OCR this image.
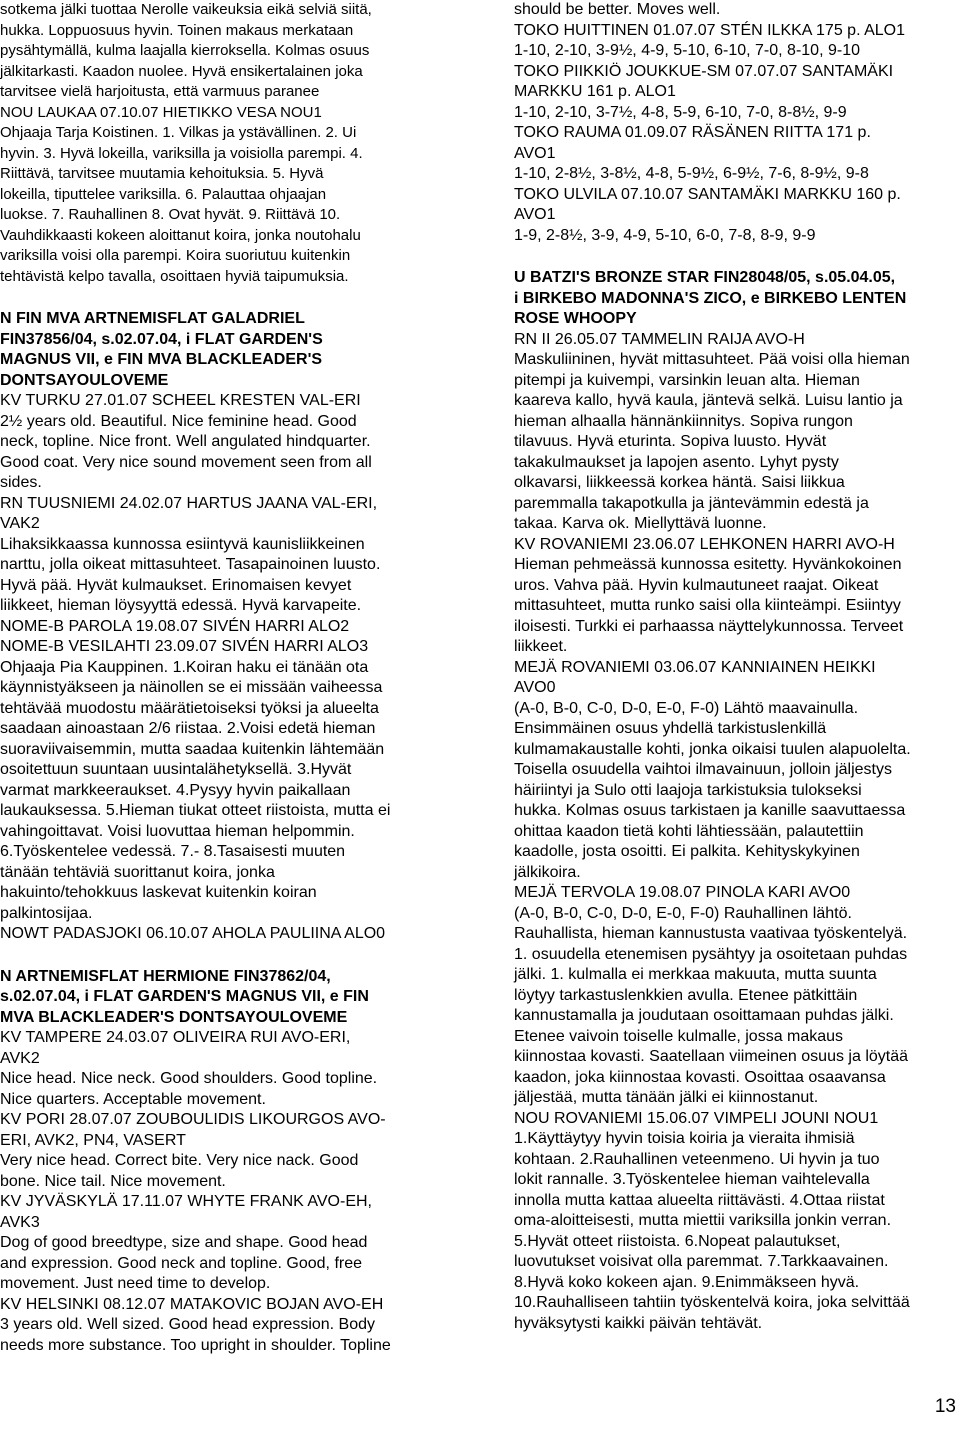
sotkema jälki tuottaa Nerolle vaikeuksia eikä selviä siitä,
hukka. Loppuosuus hyvin. Toinen makaus merkataan
pysähtymällä, kulma laajalla kierroksella. Kolmas osuus
jälkitarkasti. Kaadon nuolee. Hyvä ensikertalainen joka
tarvitsee vielä harjoitusta, että varmuus paranee

NOU LAUKAA 07.10.07 HIETIKKO VESA NOU1
Ohjaaja Tarja Koistinen. 1. Vilkas ja ystävällinen. 2. Ui
hyvin. 3. Hyvä lokeilla, variksilla ja voisiolla parempi. 4.
Riittävä, tarvitsee muutamia kehoituksia. 5. Hyvä
lokeilla, tiputtelee variksilla. 6. Palauttaa ohjaajan
luokse. 7. Rauhallinen 8. Ovat hyvät. 9. Riittävä 10.
Vauhdikkaasti kokeen aloittanut koira, jonka noutohalu
variksilla voisi olla parempi. Koira suoriutuu kuitenkin
tehtävistä kelpo tavalla, osoittaen hyviä taipumuksia.

N FIN MVA ARTNEMISFLAT GALADRIEL
FIN37856/04, s.02.07.04, i FLAT GARDEN'S
MAGNUS VII, e FIN MVA BLACKLEADER'S
DONTSAYOULOVEME

KV TURKU 27.01.07 SCHEEL KRESTEN VAL-ERI
2½ years old. Beautiful. Nice feminine head. Good
neck, topline. Nice front. Well angulated hindquarter.
Good coat. Very nice sound movement seen from all
sides.
RN TUUSNIEMI 24.02.07 HARTUS JAANA VAL-ERI,
VAK2
Lihaksikkaassa kunnossa esiintyvä kaunisliikkeinen
narttu, jolla oikeat mittasuhteet. Tasapainoinen luusto.
Hyvä pää. Hyvät kulmaukset. Erinomaisen kevyet
liikkeet, hieman löysyyttä edessä. Hyvä karvapeite.
NOME-B PAROLA 19.08.07 SIVÉN HARRI ALO2
NOME-B VESILAHTI 23.09.07 SIVÉN HARRI ALO3
Ohjaaja Pia Kauppinen. 1.Koiran haku ei tänään ota
käynnistyäkseen ja näinollen se ei missään vaiheessa
tehtävää muodostu määrätietoiseksi työksi ja alueelta
saadaan ainoastaan 2/6 riistaa. 2.Voisi edetä hieman
suoraviivaisemmin, mutta saadaa kuitenkin lähtemään
osoitettuun suuntaan uusintalähetyksellä. 3.Hyvät
varmat markkeeraukset. 4.Pysyy hyvin paikallaan
laukauksessa. 5.Hieman tiukat otteet riistoista, mutta ei
vahingoittavat. Voisi luovuttaa hieman helpommin.
6.Työskentelee vedessä. 7.- 8.Tasaisesti muuten
tänään tehtäviä suorittanut koira, jonka
hakuinto/tehokkuus laskevat kuitenkin koiran
palkintosijaa.
NOWT PADASJOKI 06.10.07 AHOLA PAULIINA ALO0

N ARTNEMISFLAT HERMIONE FIN37862/04,
s.02.07.04, i FLAT GARDEN'S MAGNUS VII, e FIN
MVA BLACKLEADER'S DONTSAYOULOVEME

KV TAMPERE 24.03.07 OLIVEIRA RUI AVO-ERI,
AVK2
Nice head. Nice neck. Good shoulders. Good topline.
Nice quarters. Acceptable movement.
KV PORI 28.07.07 ZOUBOULIDIS LIKOURGOS AVO-
ERI, AVK2, PN4, VASERT
Very nice head. Correct bite. Very nice nack. Good
bone. Nice tail. Nice movement.
KV JYVÄSKYLÄ 17.11.07 WHYTE FRANK AVO-EH,
AVK3
Dog of good breedtype, size and shape. Good head
and expression. Good neck and topline. Good, free
movement. Just need time to develop.
KV HELSINKI 08.12.07 MATAKOVIC BOJAN AVO-EH
3 years old. Well sized. Good head expression. Body
needs more substance. Too upright in shoulder. Topline

should be better. Moves well.
TOKO HUITTINEN 01.07.07 STÉN ILKKA 175 p. ALO1
1-10, 2-10, 3-9½, 4-9, 5-10, 6-10, 7-0, 8-10, 9-10
TOKO PIIKKIÖ JOUKKUE-SM 07.07.07 SANTAMÄKI
MARKKU 161 p. ALO1
1-10, 2-10, 3-7½, 4-8, 5-9, 6-10, 7-0, 8-8½, 9-9
TOKO RAUMA 01.09.07 RÄSÄNEN RIITTA 171 p.
AVO1
1-10, 2-8½, 3-8½, 4-8, 5-9½, 6-9½, 7-6, 8-9½, 9-8
TOKO ULVILA 07.10.07 SANTAMÄKI MARKKU 160 p.
AVO1
1-9, 2-8½, 3-9, 4-9, 5-10, 6-0, 7-8, 8-9, 9-9

U BATZI'S BRONZE STAR FIN28048/05, s.05.04.05,
i BIRKEBO MADONNA'S ZICO, e BIRKEBO LENTEN
ROSE WHOOPY

RN II 26.05.07 TAMMELIN RAIJA AVO-H
Maskuliininen, hyvät mittasuhteet. Pää voisi olla hieman
pitempi ja kuivempi, varsinkin leuan alta. Hieman
kaareva kallo, hyvä kaula, jäntevä selkä. Luisu lantio ja
hieman alhaalla hännänkiinnitys. Sopiva rungon
tilavuus. Hyvä eturinta. Sopiva luusto. Hyvät
takakulmaukset ja lapojen asento. Lyhyt pysty
olkavarsi, liikkeessä korkea häntä. Saisi liikkua
paremmalla takapotkulla ja jäntevämmin edestä ja
takaa. Karva ok. Miellyttävä luonne.
KV ROVANIEMI 23.06.07 LEHKONEN HARRI AVO-H
Hieman pehmeässä kunnossa esitetty. Hyvänkokoinen
uros. Vahva pää. Hyvin kulmautuneet raajat. Oikeat
mittasuhteet, mutta runko saisi olla kiinteämpi. Esiintyy
iloisesti. Turkki ei parhaassa näyttelykunnossa. Terveet
liikkeet.
MEJÄ ROVANIEMI 03.06.07 KANNIAINEN HEIKKI
AVO0
(A-0, B-0, C-0, D-0, E-0, F-0) Lähtö maavainulla.
Ensimmäinen osuus yhdellä tarkistuslenkillä
kulmamakaustalle kohti, jonka oikaisi tuulen alapuolelta.
Toisella osuudella vaihtoi ilmavainuun, jolloin jäljestys
häiriintyi ja Sulo otti laajoja tarkistuksia tulokseksi
hukka. Kolmas osuus tarkistaen ja kanille saavuttaessa
ohittaa kaadon tietä kohti lähtiessään, palautettiin
kaadolle, josta osoitti. Ei palkita. Kehityskykyinen
jälkikoira.
MEJÄ TERVOLA 19.08.07 PINOLA KARI AVO0
(A-0, B-0, C-0, D-0, E-0, F-0) Rauhallinen lähtö.
Rauhallista, hieman kannustusta vaativaa työskentelyä.
1. osuudella etenemisen pysähtyy ja osoitetaan puhdas
jälki. 1. kulmalla ei merkkaa makuuta, mutta suunta
löytyy tarkastuslenkkien avulla. Etenee pätkittäin
kannustamalla ja joudutaan osoittamaan puhdas jälki.
Etenee vaivoin toiselle kulmalle, jossa makaus
kiinnostaa kovasti. Saatellaan viimeinen osuus ja löytää
kaadon, joka kiinnostaa kovasti. Osoittaa osaavansa
jäljestää, mutta tänään jälki ei kiinnostanut.
NOU ROVANIEMI 15.06.07 VIMPELI JOUNI NOU1
1.Käyttäytyy hyvin toisia koiria ja vieraita ihmisiä
kohtaan. 2.Rauhallinen veteenmeno. Ui hyvin ja tuo
lokit rannalle. 3.Työskentelee hieman vaihtelevalla
innolla mutta kattaa alueelta riittävästi. 4.Ottaa riistat
oma-aloitteisesti, mutta miettii variksilla jonkin verran.
5.Hyvät otteet riistoista. 6.Nopeat palautukset,
luovutukset voisivat olla paremmat. 7.Tarkkaavainen.
8.Hyvä koko kokeen ajan. 9.Enimmäkseen hyvä.
10.Rauhalliseen tahtiin työskentelvä koira, joka selvittää
hyväksytysti kaikki päivän tehtävät.

13
